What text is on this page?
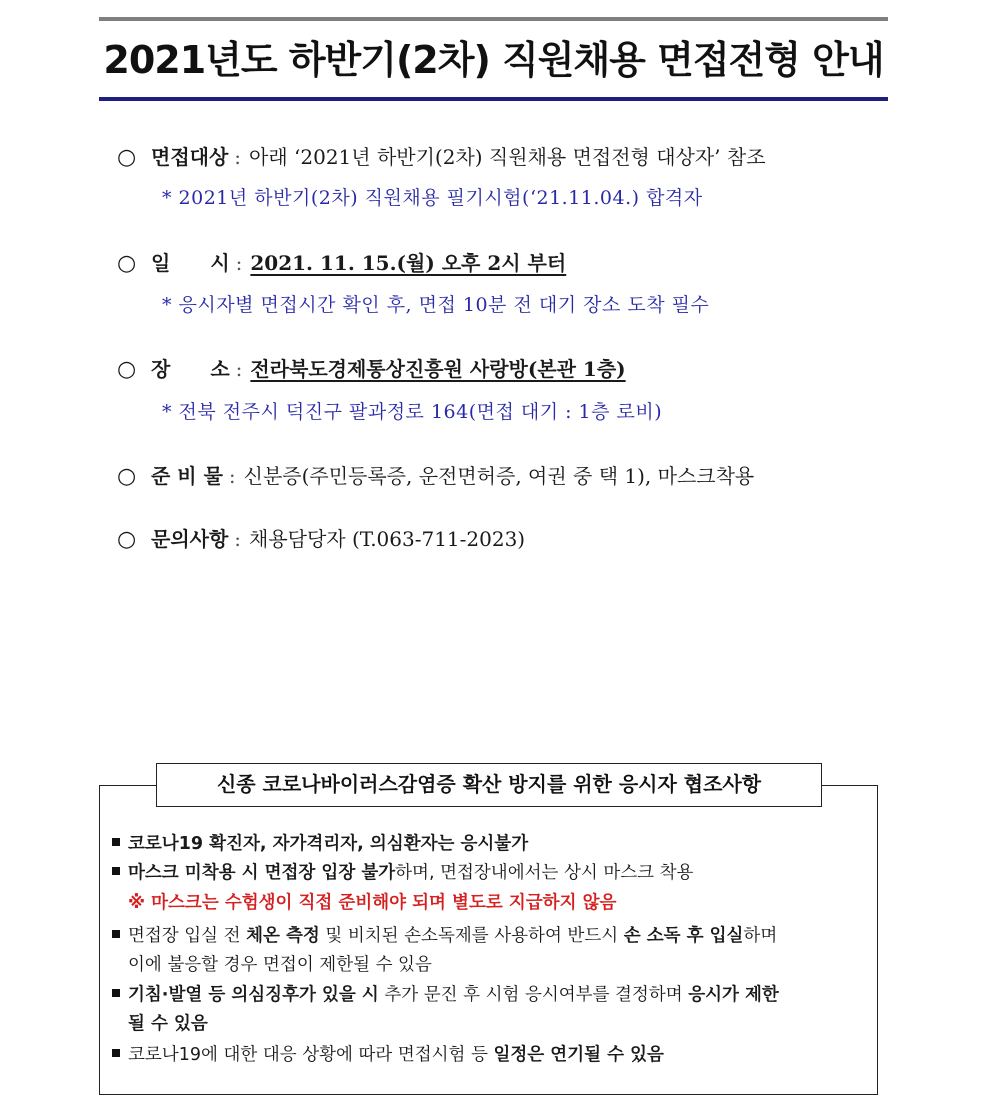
2021년도 하반기(2차) 직원채용 면접전형 안내
○ 면접대상 : 아래 ‘2021년 하반기(2차) 직원채용 면접전형 대상자’ 참조
* 2021년 하반기(2차) 직원채용 필기시험(‘21.11.04.) 합격자
○ 일　　시 : 2021. 11. 15.(월) 오후 2시 부터
* 응시자별 면접시간 확인 후, 면접 10분 전 대기 장소 도착 필수
○ 장　　소 : 전라북도경제통상진흥원 사랑방(본관 1층)
* 전북 전주시 덕진구 팔과정로 164(면접 대기 : 1층 로비)
○ 준 비 물 : 신분증(주민등록증, 운전면허증, 여권 중 택 1), 마스크착용
○ 문의사항 : 채용담당자 (T.063-711-2023)
신종 코로나바이러스감염증 확산 방지를 위한 응시자 협조사항
코로나19 확진자, 자가격리자, 의심환자는 응시불가
마스크 미착용 시 면접장 입장 불가하며, 면접장내에서는 상시 마스크 착용
※ 마스크는 수험생이 직접 준비해야 되며 별도로 지급하지 않음
면접장 입실 전 체온 측정 및 비치된 손소독제를 사용하여 반드시 손 소독 후 입실하며
이에 불응할 경우 면접이 제한될 수 있음
기침·발열 등 의심징후가 있을 시 추가 문진 후 시험 응시여부를 결정하며 응시가 제한
될 수 있음
코로나19에 대한 대응 상황에 따라 면접시험 등 일정은 연기될 수 있음
